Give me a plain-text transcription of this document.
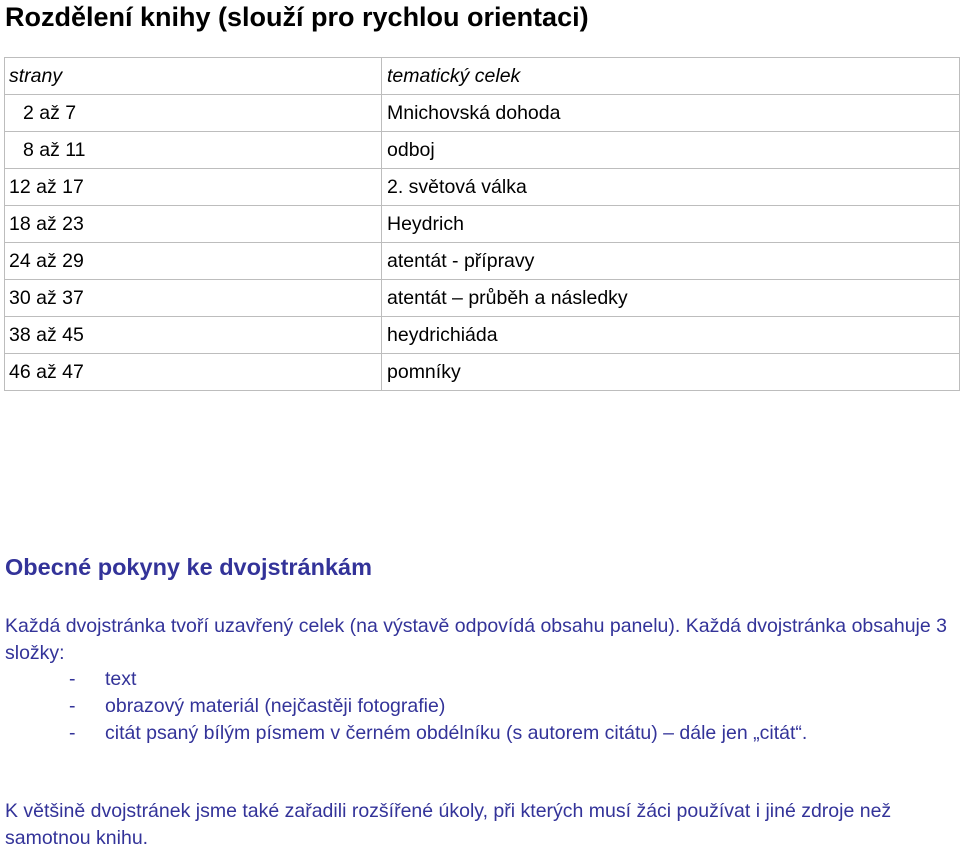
Rozdělení knihy (slouží pro rychlou orientaci)
strany	tematický celek
2 až 7	Mnichovská dohoda
8 až 11	odboj
12 až 17	2. světová válka
18 až 23	Heydrich
24 až 29	atentát - přípravy
30 až 37	atentát – průběh a následky
38 až 45	heydrichiáda
46 až 47	pomníky
Obecné pokyny ke dvojstránkám
Každá dvojstránka tvoří uzavřený celek (na výstavě odpovídá obsahu panelu). Každá dvojstránka obsahuje 3 složky:
- text
- obrazový materiál (nejčastěji fotografie)
- citát psaný bílým písmem v černém obdélníku (s autorem citátu) – dále jen „citát“.
K většině dvojstránek jsme také zařadili rozšířené úkoly, při kterých musí žáci používat i jiné zdroje než samotnou knihu.
